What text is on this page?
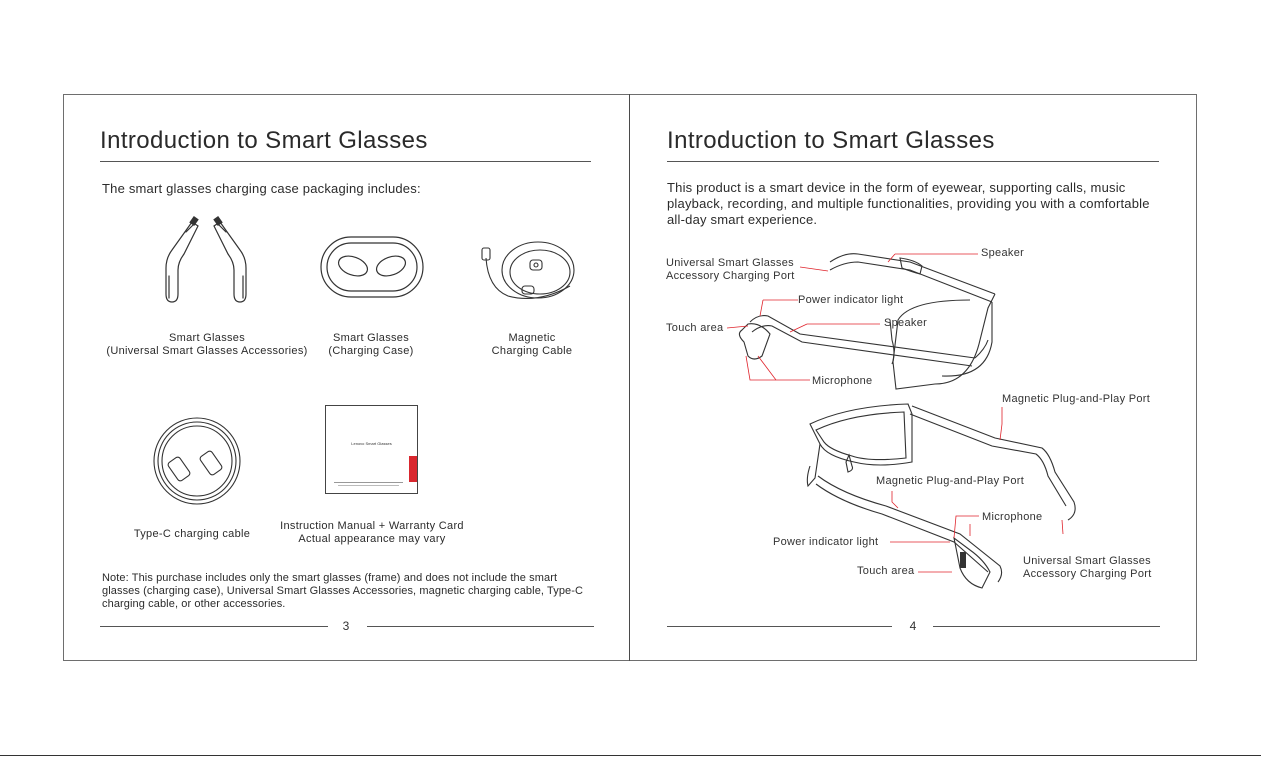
Introduction to Smart Glasses
The smart glasses charging case packaging includes:
Smart Glasses
(Universal Smart Glasses Accessories)
Smart Glasses
(Charging Case)
Magnetic
Charging Cable
Lenovo Smart Glasses
Type-C charging cable
Instruction Manual + Warranty Card
Actual appearance may vary
Note: This purchase includes only the smart glasses (frame) and does not include the smart glasses (charging case), Universal Smart Glasses Accessories, magnetic charging cable, Type-C charging cable, or other accessories.
3
Introduction to Smart Glasses
This product is a smart device in the form of eyewear, supporting calls, music playback, recording, and multiple functionalities, providing you with a comfortable all-day smart experience.
Universal Smart Glasses
Accessory Charging Port
Speaker
Power indicator light
Touch area	Speaker
Microphone
Magnetic Plug-and-Play Port
Magnetic Plug-and-Play Port
Microphone
Power indicator light
Touch area
Universal Smart Glasses
Accessory Charging Port
4
